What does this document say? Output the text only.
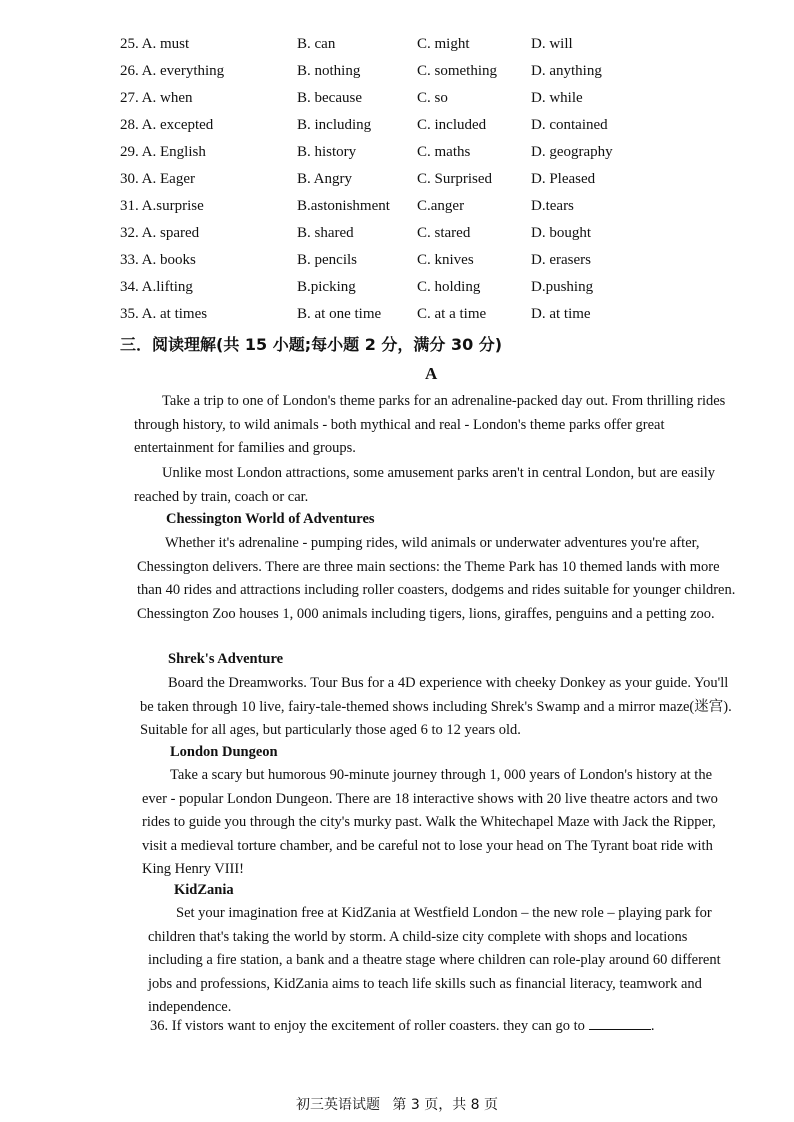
25. A. must	B. can	C. might	D. will
26. A. everything	B. nothing	C. something D. anything
27. A. when	B. because	C. so	D. while
28. A. excepted	B. including	C. included	D. contained
29. A. English	B. history	C. maths	D. geography
30. A. Eager	B. Angry	C. Surprised	D. Pleased
31. A.surprise	B.astonishment C.anger	D.tears
32. A. spared	B. shared	C. stared	D. bought
33. A. books	B. pencils	C. knives	D. erasers
34. A.lifting	B.picking	C. holding	D.pushing
35. A. at times	B. at one time C. at a time	D. at time
三．阅读理解(共 15 小题;每小题 2 分，满分 30 分)
A

Take a trip to one of London's theme parks for an adrenaline-packed day out. From thrilling rides through history, to wild animals - both mythical and real - London's theme parks offer great entertainment for families and groups.

Unlike most London attractions, some amusement parks aren't in central London, but are easily reached by train, coach or car.

Chessington World of Adventures

Whether it's adrenaline - pumping rides, wild animals or underwater adventures you're after, Chessington delivers. There are three main sections: the Theme Park has 10 themed lands with more than 40 rides and attractions including roller coasters, dodgems and rides suitable for younger children. Chessington Zoo houses 1, 000 animals including tigers, lions, giraffes, penguins and a petting zoo.

Shrek's Adventure

Board the Dreamworks. Tour Bus for a 4D experience with cheeky Donkey as your guide. You'll be taken through 10 live, fairy-tale-themed shows including Shrek's Swamp and a mirror maze(迷宫). Suitable for all ages, but particularly those aged 6 to 12 years old.

London Dungeon

Take a scary but humorous 90-minute journey through 1, 000 years of London's history at the ever - popular London Dungeon. There are 18 interactive shows with 20 live theatre actors and two rides to guide you through the city's murky past. Walk the Whitechapel Maze with Jack the Ripper, visit a medieval torture chamber, and be careful not to lose your head on The Tyrant boat ride with King Henry VIII!

KidZania

Set your imagination free at KidZania at Westfield London – the new role – playing park for children that's taking the world by storm. A child-size city complete with shops and locations including a fire station, a bank and a theatre stage where children can role-play around 60 different jobs and professions, KidZania aims to teach life skills such as financial literacy, teamwork and independence.

36. If vistors want to enjoy the excitement of roller coasters. they can go to	.
初三英语试题 第 3 页，共 8 页
